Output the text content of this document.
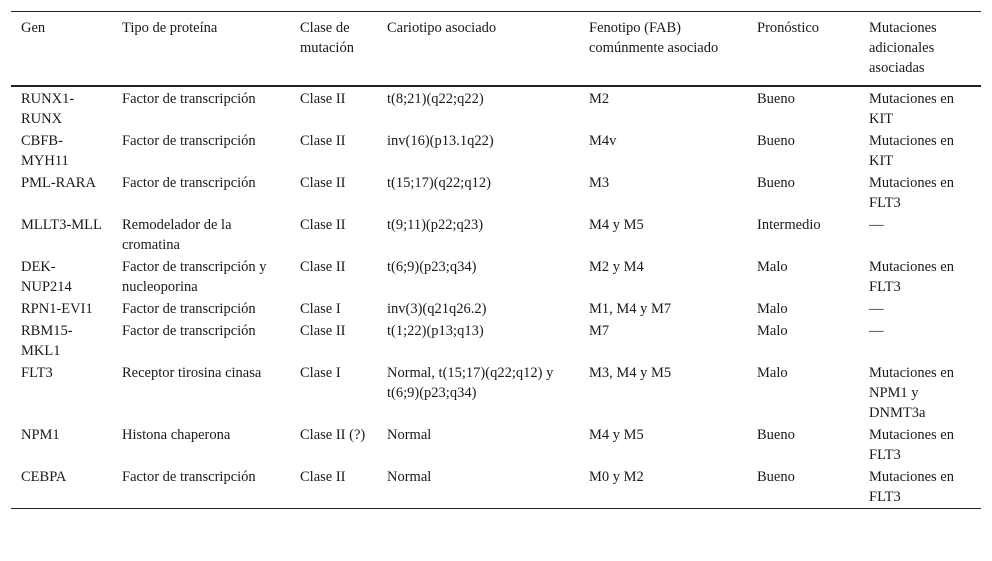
Gen	Tipo de proteína	Clase de mutación	Cariotipo asociado	Fenotipo (FAB) comúnmente asociado	Pronóstico	Mutaciones adicionales asociadas
RUNX1-RUNX	Factor de transcripción	Clase II	t(8;21)(q22;q22)	M2	Bueno	Mutaciones en KIT
CBFB-MYH11	Factor de transcripción	Clase II	inv(16)(p13.1q22)	M4v	Bueno	Mutaciones en KIT
PML-RARA	Factor de transcripción	Clase II	t(15;17)(q22;q12)	M3	Bueno	Mutaciones en FLT3
MLLT3-MLL	Remodelador de la cromatina	Clase II	t(9;11)(p22;q23)	M4 y M5	Intermedio	—
DEK-NUP214	Factor de transcripción y nucleoporina	Clase II	t(6;9)(p23;q34)	M2 y M4	Malo	Mutaciones en FLT3
RPN1-EVI1	Factor de transcripción	Clase I	inv(3)(q21q26.2)	M1, M4 y M7	Malo	—
RBM15-MKL1	Factor de transcripción	Clase II	t(1;22)(p13;q13)	M7	Malo	—
FLT3	Receptor tirosina cinasa	Clase I	Normal, t(15;17)(q22;q12) y t(6;9)(p23;q34)	M3, M4 y M5	Malo	Mutaciones en NPM1 y DNMT3a
NPM1	Histona chaperona	Clase II (?)	Normal	M4 y M5	Bueno	Mutaciones en FLT3
CEBPA	Factor de transcripción	Clase II	Normal	M0 y M2	Bueno	Mutaciones en FLT3
